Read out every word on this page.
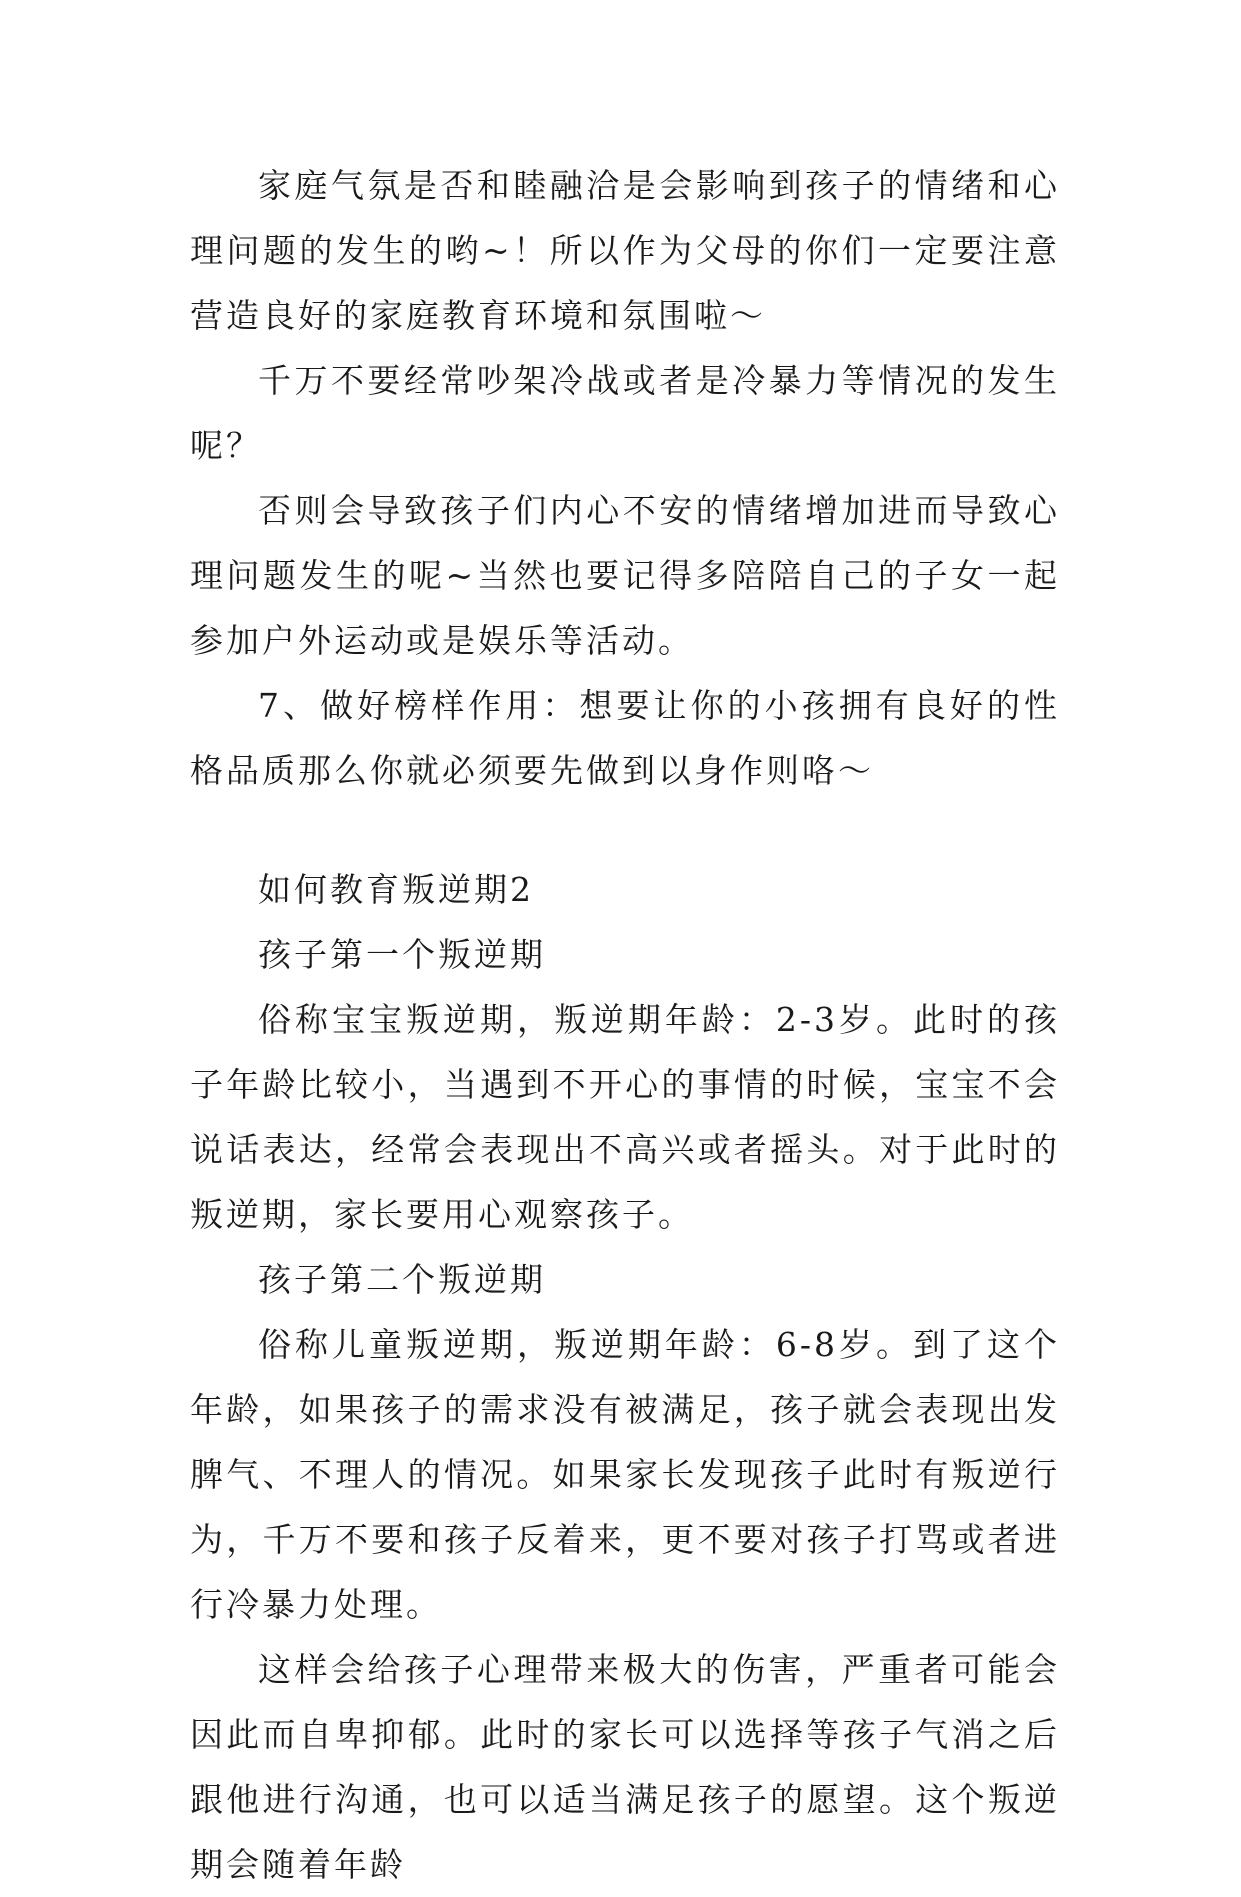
家庭气氛是否和睦融洽是会影响到孩子的情绪和心理问题的发生的哟~！所以作为父母的你们一定要注意营造良好的家庭教育环境和氛围啦～

千万不要经常吵架冷战或者是冷暴力等情况的发生呢？

否则会导致孩子们内心不安的情绪增加进而导致心理问题发生的呢~当然也要记得多陪陪自己的子女一起参加户外运动或是娱乐等活动。

7、做好榜样作用：想要让你的小孩拥有良好的性格品质那么你就必须要先做到以身作则咯～

如何教育叛逆期2

孩子第一个叛逆期

俗称宝宝叛逆期，叛逆期年龄：2-3岁。此时的孩子年龄比较小，当遇到不开心的事情的时候，宝宝不会说话表达，经常会表现出不高兴或者摇头。对于此时的叛逆期，家长要用心观察孩子。

孩子第二个叛逆期

俗称儿童叛逆期，叛逆期年龄：6-8岁。到了这个年龄，如果孩子的需求没有被满足，孩子就会表现出发脾气、不理人的情况。如果家长发现孩子此时有叛逆行为，千万不要和孩子反着来，更不要对孩子打骂或者进行冷暴力处理。

这样会给孩子心理带来极大的伤害，严重者可能会因此而自卑抑郁。此时的家长可以选择等孩子气消之后跟他进行沟通，也可以适当满足孩子的愿望。这个叛逆期会随着年龄
